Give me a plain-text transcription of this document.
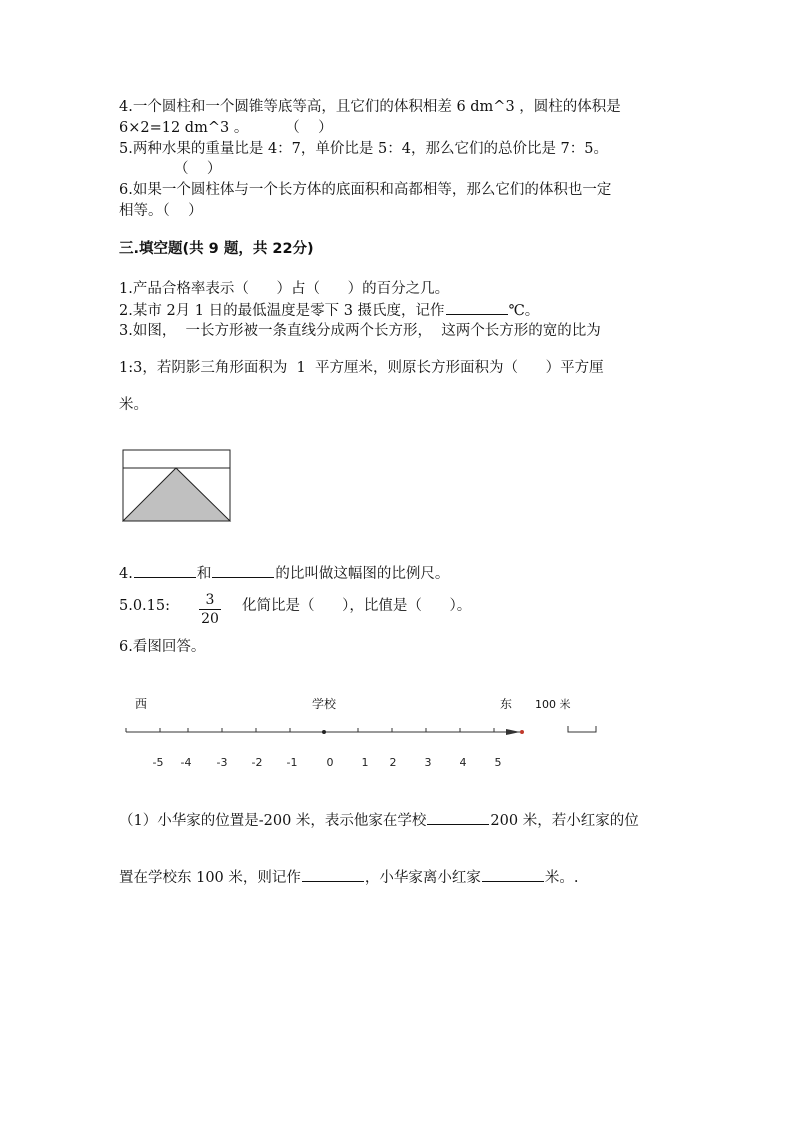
4.一个圆柱和一个圆锥等底等高，且它们的体积相差 6 dm^3 ，圆柱的体积是
6×2=12 dm^3 。        （    ）
5.两种水果的重量比是 4：7，单价比是 5：4，那么它们的总价比是 7：5。
（    ）
6.如果一个圆柱体与一个长方体的底面积和高都相等，那么它们的体积也一定
相等。（    ）
三.填空题(共 9 题，共 22分)
1.产品合格率表示（      ）占（      ）的百分之几。
2.某市 2月 1 日的最低温度是零下 3 摄氏度，记作	℃。
3.如图，  一长方形被一条直线分成两个长方形，  这两个长方形的宽的比为
1:3，若阴影三角形面积为  1  平方厘米，则原长方形面积为（      ）平方厘
米。
4.	和	的比叫做这幅图的比例尺。
5.0.15: $\frac{3}{20}$ 化简比是（      ），比值是（      ）。
6.看图回答。
西	学校	东 100 米
-5 -4 -3 -2 -1	0	1 2	3	4	5
（1）小华家的位置是-200 米，表示他家在学校	200 米，若小红家的位
置在学校东 100 米，则记作	，小华家离小红家	米。.
